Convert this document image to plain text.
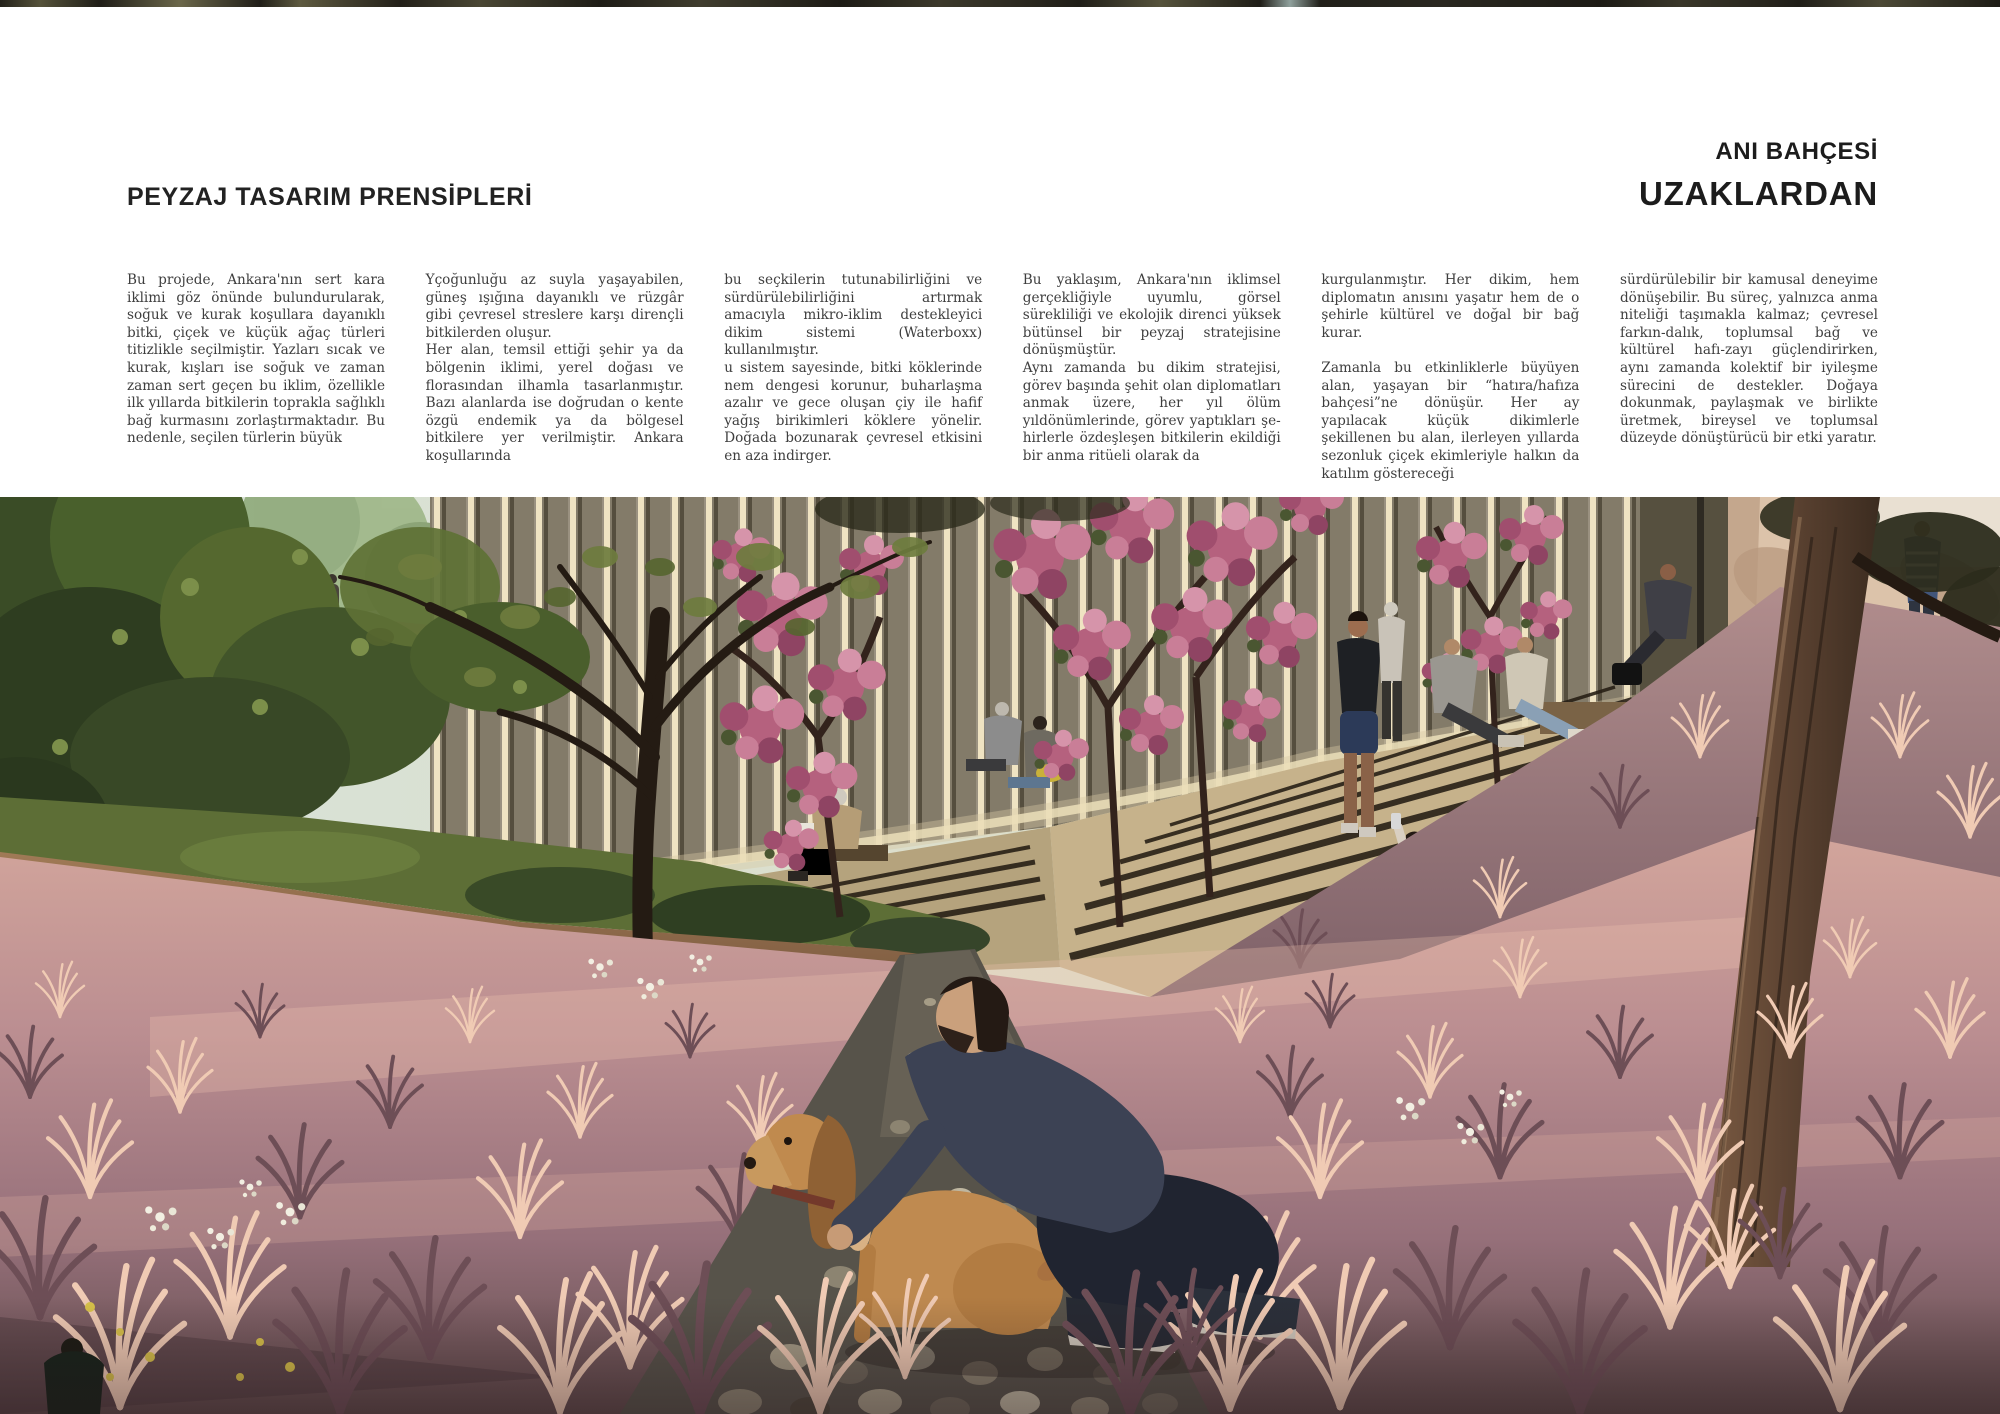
PEYZAJ TASARIM PRENSİPLERİ
ANI BAHÇESİ
UZAKLARDAN

Bu projede, Ankara'nın sert kara iklimi göz önünde bulundurularak, soğuk ve kurak koşullara dayanıklı bitki, çiçek ve küçük ağaç türleri titizlikle seçilmiştir. Yazları sıcak ve kurak, kışları ise soğuk ve zaman zaman sert geçen bu iklim, özellikle ilk yıllarda bitkilerin toprakla sağlıklı bağ kurmasını zorlaştırmaktadır. Bu nedenle, seçilen türlerin büyük

Yçoğunluğu az suyla yaşayabilen, güneş ışığına dayanıklı ve rüzgâr gibi çevresel streslere karşı dirençli bitkilerden oluşur.

Her alan, temsil ettiği şehir ya da bölgenin iklimi, yerel doğası ve florasından ilhamla tasarlanmıştır. Bazı alanlarda ise doğrudan o kente özgü endemik ya da bölgesel bitkilere yer verilmiştir. Ankara koşullarında

bu seçkilerin tutunabilirliğini ve sürdürülebilirliğini artırmak amacıyla mikro-iklim destekleyici dikim sistemi (Waterboxx) kullanılmıştır.

u sistem sayesinde, bitki köklerinde nem dengesi korunur, buharlaşma azalır ve gece oluşan çiy ile hafif yağış birikimleri köklere yönelir. Doğada bozunarak çevresel etkisini en aza indirger.

Bu yaklaşım, Ankara'nın iklimsel gerçekliğiyle uyumlu, görsel sürekliliği ve ekolojik direnci yüksek bütünsel bir peyzaj stratejisine dönüşmüştür.

Aynı zamanda bu dikim stratejisi, görev başında şehit olan diplomatları anmak üzere, her yıl ölüm yıldönümlerinde, görev yaptıkları şe-hirlerle özdeşleşen bitkilerin ekildiği bir anma ritüeli olarak da

kurgulanmıştır. Her dikim, hem diplomatın anısını yaşatır hem de o şehirle kültürel ve doğal bir bağ kurar.

Zamanla bu etkinliklerle büyüyen alan, yaşayan bir “hatıra/hafıza bahçesi”ne dönüşür. Her ay yapılacak küçük dikimlerle şekillenen bu alan, ilerleyen yıllarda sezonluk çiçek ekimleriyle halkın da katılım göstereceği

sürdürülebilir bir kamusal deneyime dönüşebilir. Bu süreç, yalnızca anma niteliği taşımakla kalmaz; çevresel farkın-dalık, toplumsal bağ ve kültürel hafı-zayı güçlendirirken, aynı zamanda kolektif bir iyileşme sürecini de destekler. Doğaya dokunmak, paylaşmak ve birlikte üretmek, bireysel ve toplumsal düzeyde dönüştürücü bir etki yaratır.
